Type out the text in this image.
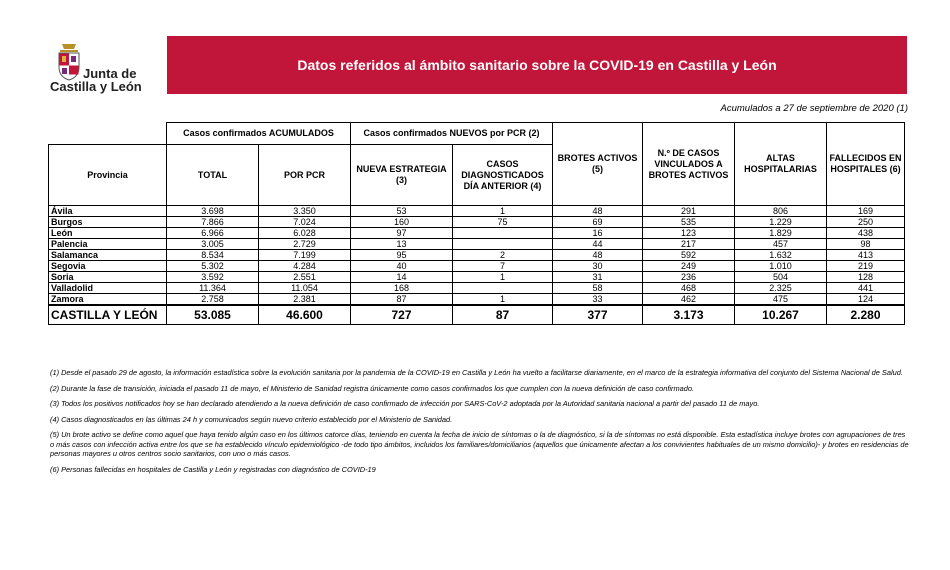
Junta de
Castilla y León
Datos referidos al ámbito sanitario sobre la COVID-19 en Castilla y León
Acumulados a 27 de septiembre de 2020 (1)
	Casos confirmados ACUMULADOS		Casos confirmados NUEVOS por PCR (2)		BROTES ACTIVOS (5)	N.º DE CASOS VINCULADOS A BROTES ACTIVOS	ALTAS HOSPITALARIAS	FALLECIDOS EN HOSPITALES (6)
Provincia	TOTAL	POR PCR	NUEVA ESTRATEGIA (3)	CASOS DIAGNOSTICADOS DÍA ANTERIOR (4)				
Ávila	3.698	3.350	53	1	48	291	806	169
Burgos	7.866	7.024	160	75	69	535	1.229	250
León	6.966	6.028	97		16	123	1.829	438
Palencia	3.005	2.729	13		44	217	457	98
Salamanca	8.534	7.199	95	2	48	592	1.632	413
Segovia	5.302	4.284	40	7	30	249	1.010	219
Soria	3.592	2.551	14	1	31	236	504	128
Valladolid	11.364	11.054	168		58	468	2.325	441
Zamora	2.758	2.381	87	1	33	462	475	124
CASTILLA Y LEÓN	53.085	46.600	727	87	377	3.173	10.267	2.280

(1) Desde el pasado 29 de agosto, la información estadística sobre la evolución sanitaria por la pandemia de la COVID-19 en Castilla y León ha vuelto a facilitarse diariamente, en el marco de la estrategia informativa del conjunto del Sistema Nacional de Salud.

(2) Durante la fase de transición, iniciada el pasado 11 de mayo, el Ministerio de Sanidad registra únicamente como casos confirmados los que cumplen con la nueva definición de caso confirmado.

(3) Todos los positivos notificados hoy se han declarado atendiendo a la nueva definición de caso confirmado de infección por SARS-CoV-2 adoptada por la Autoridad sanitaria nacional a partir del pasado 11 de mayo.

(4) Casos diagnosticados en las últimas 24 h y comunicados según nuevo criterio establecido por el Ministerio de Sanidad.

(5) Un brote activo se define como aquel que haya tenido algún caso en los últimos catorce días, teniendo en cuenta la fecha de inicio de síntomas o la de diagnóstico, si la de síntomas no está disponible. Esta estadística incluye brotes con agrupaciones de tres o más casos con infección activa entre los que se ha establecido vínculo epidemiológico -de todo tipo ámbitos, incluidos los familiares/domiciliarios (aquellos que únicamente afectan a los convivientes habituales de un mismo domicilio)- y brotes en residencias de personas mayores u otros centros socio sanitarios, con uno o más casos.

(6) Personas fallecidas en hospitales de Castilla y León y registradas con diagnóstico de COVID-19
